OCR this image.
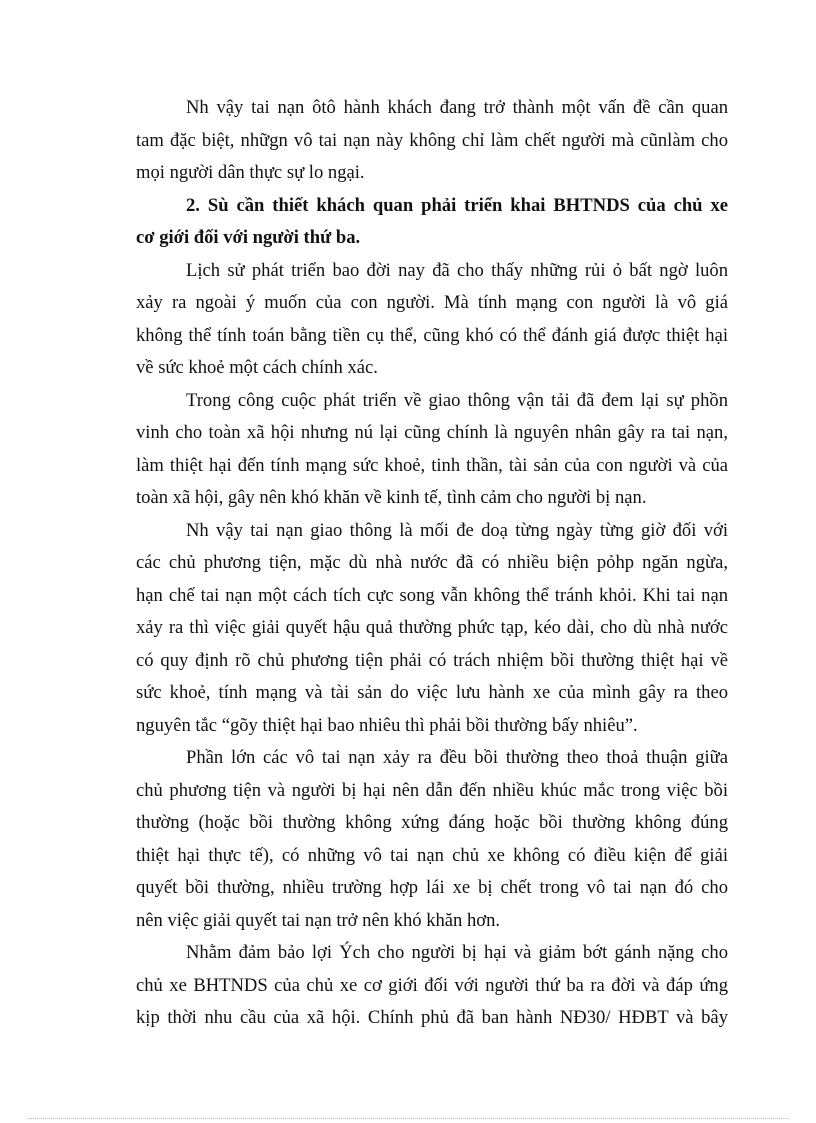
Nh vậy tai nạn ôtô hành khách đang trở thành một vấn đề cần quan
tam đặc biệt, nhữgn vô tai nạn này không chỉ làm chết người mà cũnlàm cho
mọi người dân thực sự lo ngại.
2. Sù cần thiết khách quan phải triển khai BHTNDS của chủ xe
cơ giới đối với người thứ ba.
Lịch sử phát triển bao đời nay đã cho thấy những rủi ỏ bất ngờ luôn
xảy ra ngoài ý muốn của con người. Mà tính mạng con người là vô giá
không thể tính toán bằng tiền cụ thể, cũng khó có thể đánh giá được thiệt hại
về sức khoẻ một cách chính xác.
Trong công cuộc phát triển về giao thông vận tải đã đem lại sự phồn
vinh cho toàn xã hội nhưng nú lại cũng chính là nguyên nhân gây ra tai nạn,
làm thiệt hại đến tính mạng sức khoẻ, tinh thần, tài sản của con người và của
toàn xã hội, gây nên khó khăn về kinh tế, tình cảm cho người bị nạn.
Nh vậy tai nạn giao thông là mối đe doạ từng ngày từng giờ đối với
các chủ phương tiện, mặc dù nhà nước đã có nhiều biện pỏhp ngăn ngừa,
hạn chế tai nạn một cách tích cực song vẫn không thể tránh khỏi. Khi tai nạn
xảy ra thì việc giải quyết hậu quả thường phức tạp, kéo dài, cho dù nhà nước
có quy định rõ chủ phương tiện phải có trách nhiệm bồi thường thiệt hại về
sức khoẻ, tính mạng và tài sản do việc lưu hành xe của mình gây ra theo
nguyên tắc “gõy thiệt hại bao nhiêu thì phải bồi thường bấy nhiêu”.
Phần lớn các vô tai nạn xảy ra đều bồi thường theo thoả thuận giữa
chủ phương tiện và người bị hại nên dẫn đến nhiều khúc mắc trong việc bồi
thường (hoặc bồi thường không xứng đáng hoặc bồi thường không đúng
thiệt hại thực tế), có những vô tai nạn chủ xe không có điều kiện để giải
quyết bồi thường, nhiều trường hợp lái xe bị chết trong vô tai nạn đó cho
nên việc giải quyết tai nạn trở nên khó khăn hơn.
Nhằm đảm bảo lợi Ých cho người bị hại và giảm bớt gánh nặng cho
chủ xe BHTNDS của chủ xe cơ giới đối với người thứ ba ra đời và đáp ứng
kịp thời nhu cầu của xã hội. Chính phủ đã ban hành NĐ30/ HĐBT và bây
